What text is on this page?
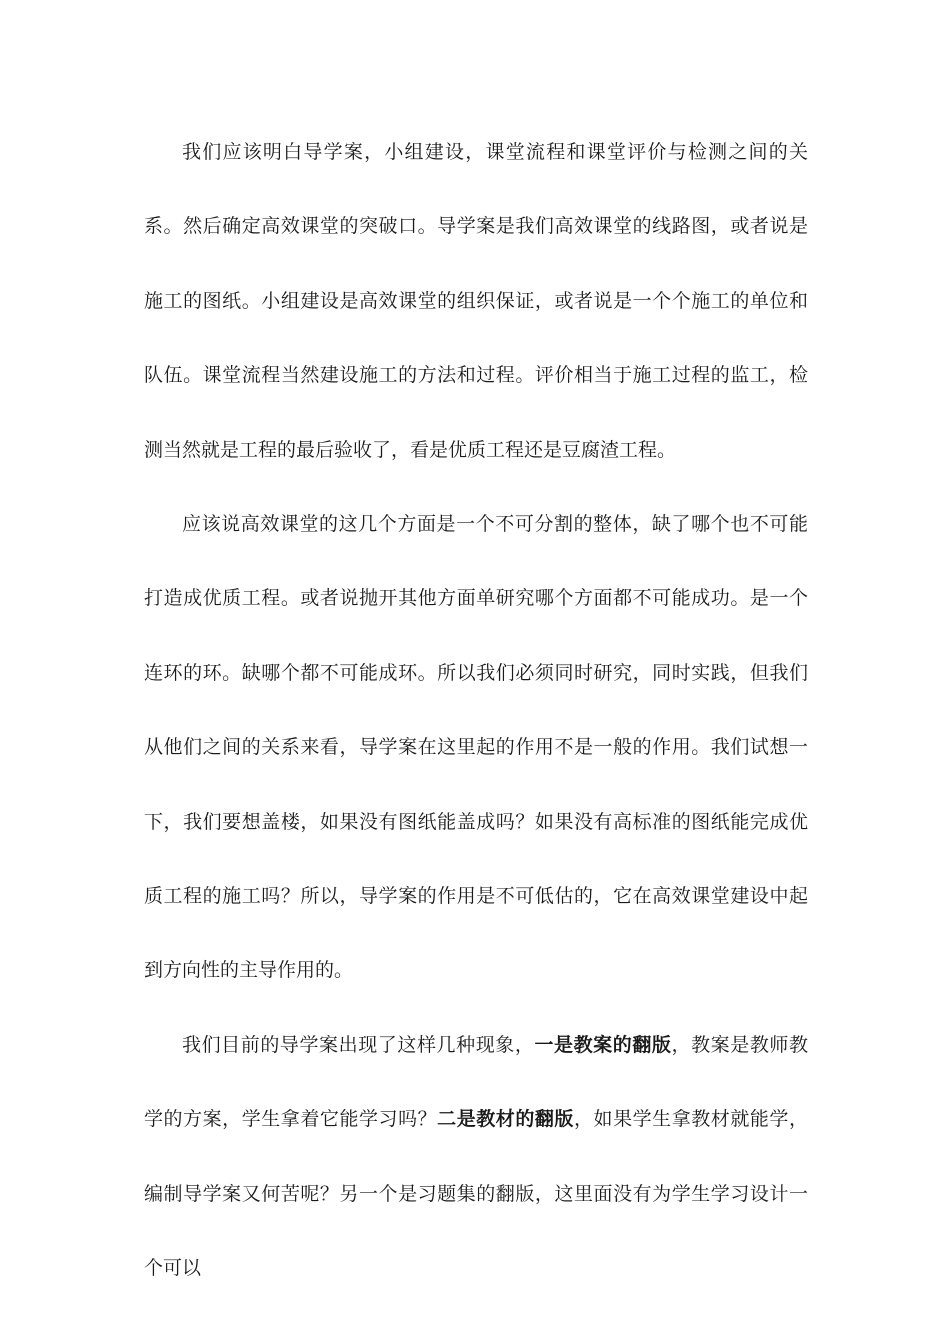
我们应该明白导学案，小组建设，课堂流程和课堂评价与检测之间的关系。然后确定高效课堂的突破口。导学案是我们高效课堂的线路图，或者说是施工的图纸。小组建设是高效课堂的组织保证，或者说是一个个施工的单位和队伍。课堂流程当然建设施工的方法和过程。评价相当于施工过程的监工，检测当然就是工程的最后验收了，看是优质工程还是豆腐渣工程。

应该说高效课堂的这几个方面是一个不可分割的整体，缺了哪个也不可能打造成优质工程。或者说抛开其他方面单研究哪个方面都不可能成功。是一个连环的环。缺哪个都不可能成环。所以我们必须同时研究，同时实践，但我们从他们之间的关系来看，导学案在这里起的作用不是一般的作用。我们试想一下，我们要想盖楼，如果没有图纸能盖成吗？如果没有高标准的图纸能完成优质工程的施工吗？所以，导学案的作用是不可低估的，它在高效课堂建设中起到方向性的主导作用的。

我们目前的导学案出现了这样几种现象，一是教案的翻版，教案是教师教学的方案，学生拿着它能学习吗？二是教材的翻版，如果学生拿教材就能学，编制导学案又何苦呢？另一个是习题集的翻版，这里面没有为学生学习设计一个可以
